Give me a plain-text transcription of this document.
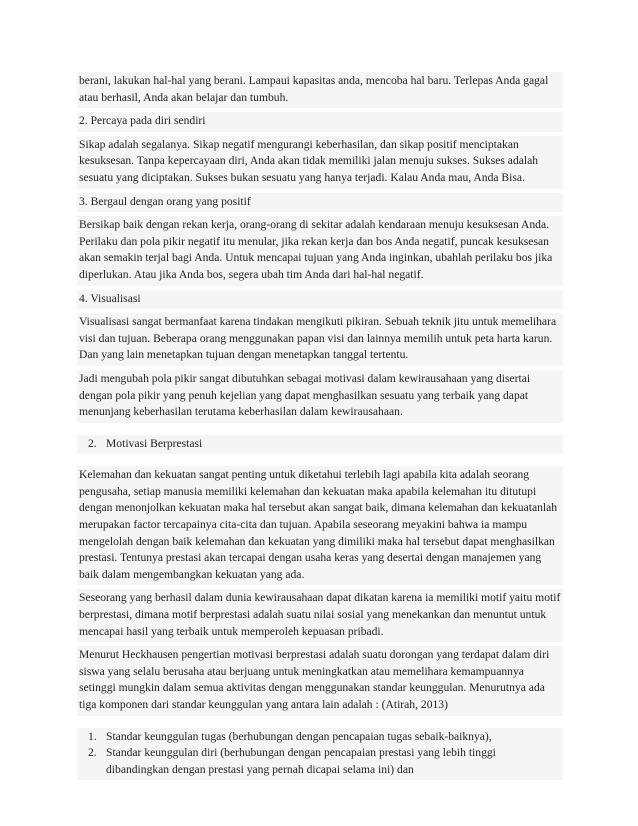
berani, lakukan hal-hal yang berani. Lampaui kapasitas anda, mencoba hal baru. Terlepas Anda gagal atau berhasil, Anda akan belajar dan tumbuh.

2. Percaya pada diri sendiri

Sikap adalah segalanya. Sikap negatif mengurangi keberhasilan, dan sikap positif menciptakan kesuksesan. Tanpa kepercayaan diri, Anda akan tidak memiliki jalan menuju sukses. Sukses adalah sesuatu yang diciptakan. Sukses bukan sesuatu yang hanya terjadi. Kalau Anda mau, Anda Bisa.

3. Bergaul dengan orang yang positif

Bersikap baik dengan rekan kerja, orang-orang di sekitar adalah kendaraan menuju kesuksesan Anda. Perilaku dan pola pikir negatif itu menular, jika rekan kerja dan bos Anda negatif, puncak kesuksesan akan semakin terjal bagi Anda. Untuk mencapai tujuan yang Anda inginkan, ubahlah perilaku bos jika diperlukan. Atau jika Anda bos, segera ubah tim Anda dari hal-hal negatif.

4. Visualisasi

Visualisasi sangat bermanfaat karena tindakan mengikuti pikiran. Sebuah teknik jitu untuk memelihara visi dan tujuan. Beberapa orang menggunakan papan visi dan lainnya memilih untuk peta harta karun. Dan yang lain menetapkan tujuan dengan menetapkan tanggal tertentu.

Jadi mengubah pola pikir sangat dibutuhkan sebagai motivasi dalam kewirausahaan yang disertai dengan pola pikir yang penuh kejelian yang dapat menghasilkan sesuatu yang terbaik yang dapat menunjang keberhasilan terutama keberhasilan dalam kewirausahaan.

2. Motivasi Berprestasi

Kelemahan dan kekuatan sangat penting untuk diketahui terlebih lagi apabila kita adalah seorang pengusaha, setiap manusia memiliki kelemahan dan kekuatan maka apabila kelemahan itu ditutupi dengan menonjolkan kekuatan maka hal tersebut akan sangat baik, dimana kelemahan dan kekuatanlah merupakan factor tercapainya cita-cita dan tujuan. Apabila seseorang meyakini bahwa ia mampu mengelolah dengan baik kelemahan dan kekuatan yang dimiliki maka hal tersebut dapat menghasilkan prestasi. Tentunya prestasi akan tercapai dengan usaha keras yang desertai dengan manajemen yang baik dalam mengembangkan kekuatan yang ada.

Seseorang yang berhasil dalam dunia kewirausahaan dapat dikatan karena ia memiliki motif yaitu motif berprestasi, dimana motif berprestasi adalah suatu nilai sosial yang menekankan dan menuntut untuk mencapai hasil yang terbaik untuk memperoleh kepuasan pribadi.

Menurut Heckhausen pengertian motivasi berprestasi adalah suatu dorongan yang terdapat dalam diri siswa yang selalu berusaha atau berjuang untuk meningkatkan atau memelihara kemampuannya setinggi mungkin dalam semua aktivitas dengan menggunakan standar keunggulan. Menurutnya ada tiga komponen dari standar keunggulan yang antara lain adalah : (Atirah, 2013)

1. Standar keunggulan tugas (berhubungan dengan pencapaian tugas sebaik-baiknya),
2. Standar keunggulan diri (berhubungan dengan pencapaian prestasi yang lebih tinggi dibandingkan dengan prestasi yang pernah dicapai selama ini) dan
